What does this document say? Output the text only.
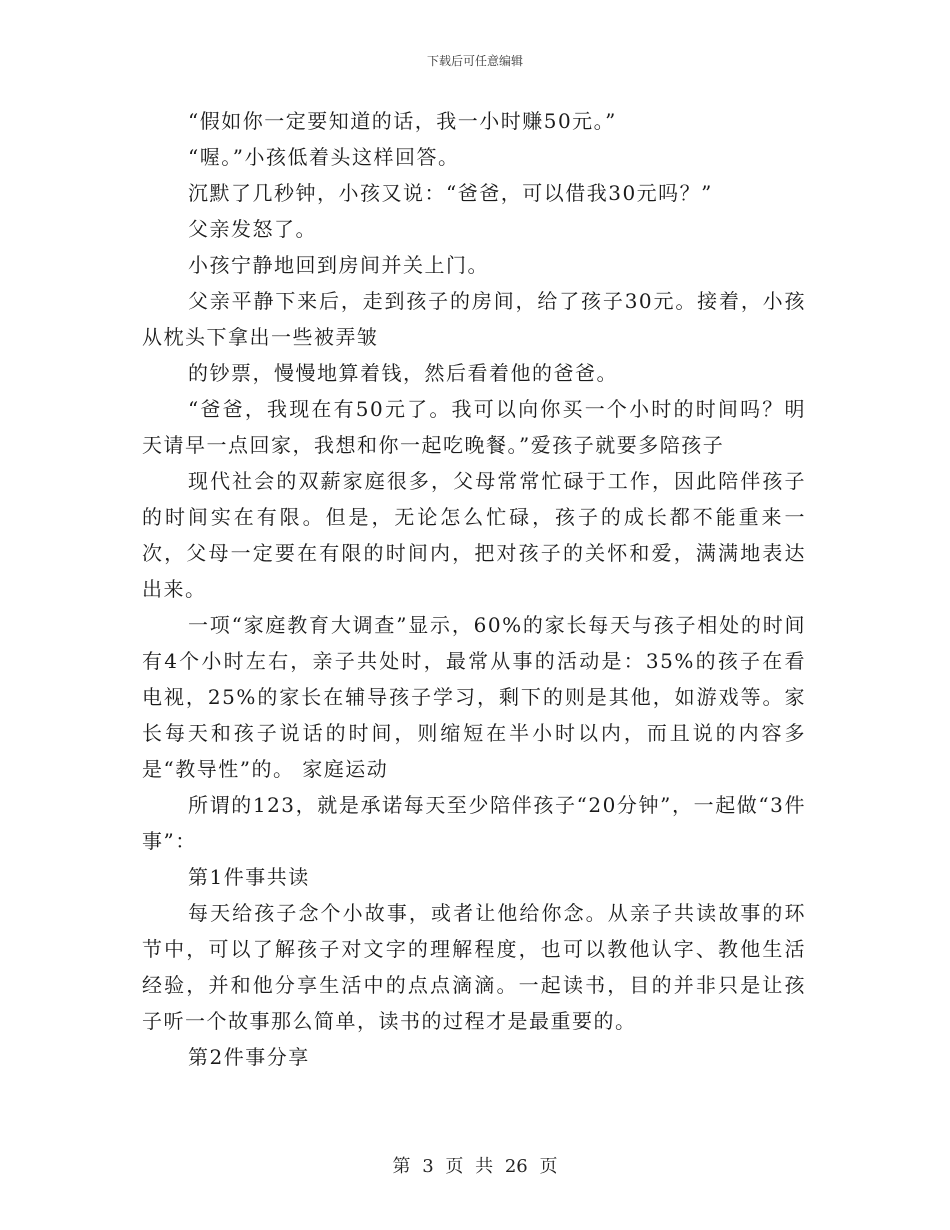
下载后可任意编辑

“假如你一定要知道的话，我一小时赚50元。”

“喔。”小孩低着头这样回答。

沉默了几秒钟，小孩又说：“爸爸，可以借我30元吗？”

父亲发怒了。

小孩宁静地回到房间并关上门。

父亲平静下来后，走到孩子的房间，给了孩子30元。接着，小孩从枕头下拿出一些被弄皱

的钞票，慢慢地算着钱，然后看着他的爸爸。

“爸爸，我现在有50元了。我可以向你买一个小时的时间吗？明天请早一点回家，我想和你一起吃晚餐。”爱孩子就要多陪孩子

现代社会的双薪家庭很多，父母常常忙碌于工作，因此陪伴孩子的时间实在有限。但是，无论怎么忙碌，孩子的成长都不能重来一次，父母一定要在有限的时间内，把对孩子的关怀和爱，满满地表达出来。

一项“家庭教育大调查”显示，60%的家长每天与孩子相处的时间有4个小时左右，亲子共处时，最常从事的活动是：35%的孩子在看电视，25%的家长在辅导孩子学习，剩下的则是其他，如游戏等。家长每天和孩子说话的时间，则缩短在半小时以内，而且说的内容多是“教导性”的。 家庭运动

所谓的123，就是承诺每天至少陪伴孩子“20分钟”，一起做“3件事”：

第1件事共读

每天给孩子念个小故事，或者让他给你念。从亲子共读故事的环节中，可以了解孩子对文字的理解程度，也可以教他认字、教他生活经验，并和他分享生活中的点点滴滴。一起读书，目的并非只是让孩子听一个故事那么简单，读书的过程才是最重要的。

第2件事分享

第 3 页 共 26 页
